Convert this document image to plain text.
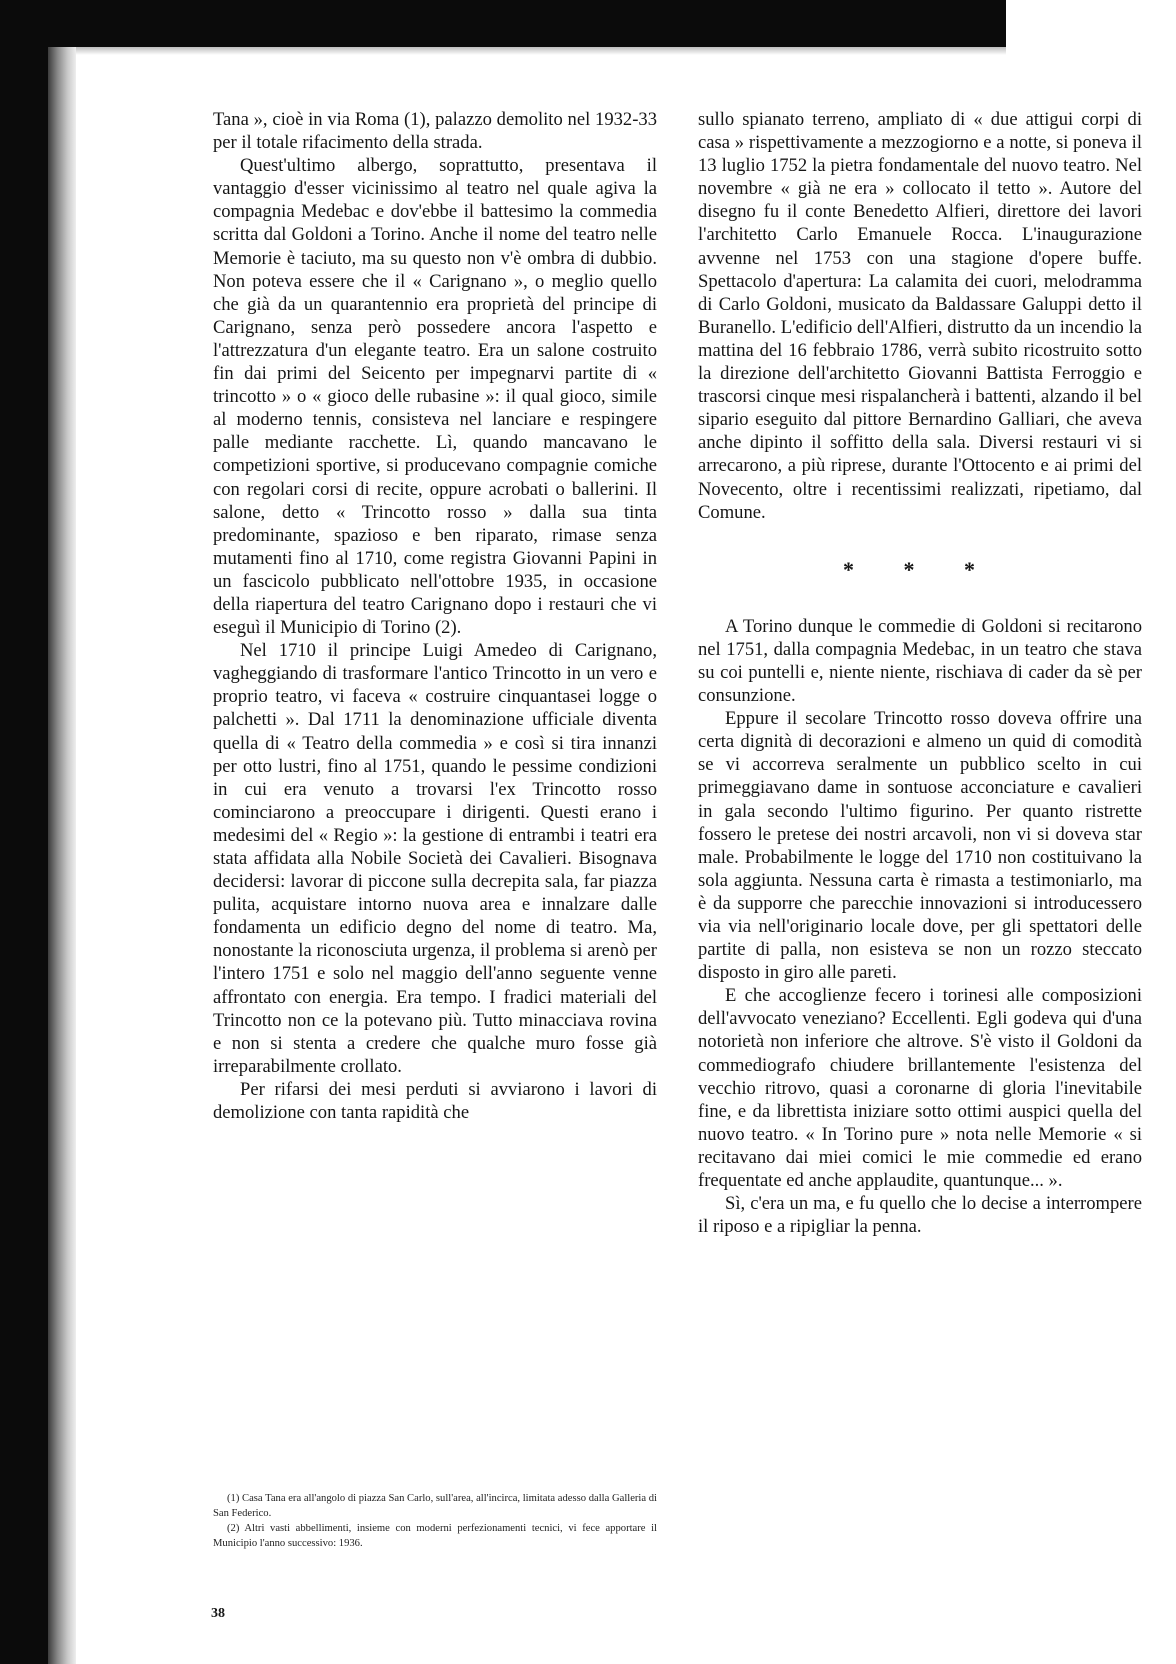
Tana », cioè in via Roma (1), palazzo demolito nel 1932-33 per il totale rifacimento della strada.

Quest'ultimo albergo, soprattutto, presentava il vantaggio d'esser vicinissimo al teatro nel quale agiva la compagnia Medebac e dov'ebbe il battesimo la commedia scritta dal Goldoni a Torino. Anche il nome del teatro nelle Memorie è taciuto, ma su questo non v'è ombra di dubbio. Non poteva essere che il « Carignano », o meglio quello che già da un quarantennio era proprietà del principe di Carignano, senza però possedere ancora l'aspetto e l'attrezzatura d'un elegante teatro. Era un salone costruito fin dai primi del Seicento per impegnarvi partite di « trincotto » o « gioco delle rubasine »: il qual gioco, simile al moderno tennis, consisteva nel lanciare e respingere palle mediante racchette. Lì, quando mancavano le competizioni sportive, si producevano compagnie comiche con regolari corsi di recite, oppure acrobati o ballerini. Il salone, detto « Trincotto rosso » dalla sua tinta predominante, spazioso e ben riparato, rimase senza mutamenti fino al 1710, come registra Giovanni Papini in un fascicolo pubblicato nell'ottobre 1935, in occasione della riapertura del teatro Carignano dopo i restauri che vi eseguì il Municipio di Torino (2).

Nel 1710 il principe Luigi Amedeo di Carignano, vagheggiando di trasformare l'antico Trincotto in un vero e proprio teatro, vi faceva « costruire cinquantasei logge o palchetti ». Dal 1711 la denominazione ufficiale diventa quella di « Teatro della commedia » e così si tira innanzi per otto lustri, fino al 1751, quando le pessime condizioni in cui era venuto a trovarsi l'ex Trincotto rosso cominciarono a preoccupare i dirigenti. Questi erano i medesimi del « Regio »: la gestione di entrambi i teatri era stata affidata alla Nobile Società dei Cavalieri. Bisognava decidersi: lavorar di piccone sulla decrepita sala, far piazza pulita, acquistare intorno nuova area e innalzare dalle fondamenta un edificio degno del nome di teatro. Ma, nonostante la riconosciuta urgenza, il problema si arenò per l'intero 1751 e solo nel maggio dell'anno seguente venne affrontato con energia. Era tempo. I fradici materiali del Trincotto non ce la potevano più. Tutto minacciava rovina e non si stenta a credere che qualche muro fosse già irreparabilmente crollato.

Per rifarsi dei mesi perduti si avviarono i lavori di demolizione con tanta rapidità che

sullo spianato terreno, ampliato di « due attigui corpi di casa » rispettivamente a mezzogiorno e a notte, si poneva il 13 luglio 1752 la pietra fondamentale del nuovo teatro. Nel novembre « già ne era » collocato il tetto ». Autore del disegno fu il conte Benedetto Alfieri, direttore dei lavori l'architetto Carlo Emanuele Rocca. L'inaugurazione avvenne nel 1753 con una stagione d'opere buffe. Spettacolo d'apertura: La calamita dei cuori, melodramma di Carlo Goldoni, musicato da Baldassare Galuppi detto il Buranello. L'edificio dell'Alfieri, distrutto da un incendio la mattina del 16 febbraio 1786, verrà subito ricostruito sotto la direzione dell'architetto Giovanni Battista Ferroggio e trascorsi cinque mesi rispalancherà i battenti, alzando il bel sipario eseguito dal pittore Bernardino Galliari, che aveva anche dipinto il soffitto della sala. Diversi restauri vi si arrecarono, a più riprese, durante l'Ottocento e ai primi del Novecento, oltre i recentissimi realizzati, ripetiamo, dal Comune.

* * *

A Torino dunque le commedie di Goldoni si recitarono nel 1751, dalla compagnia Medebac, in un teatro che stava su coi puntelli e, niente niente, rischiava di cader da sè per consunzione.

Eppure il secolare Trincotto rosso doveva offrire una certa dignità di decorazioni e almeno un quid di comodità se vi accorreva seralmente un pubblico scelto in cui primeggiavano dame in sontuose acconciature e cavalieri in gala secondo l'ultimo figurino. Per quanto ristrette fossero le pretese dei nostri arcavoli, non vi si doveva star male. Probabilmente le logge del 1710 non costituivano la sola aggiunta. Nessuna carta è rimasta a testimoniarlo, ma è da supporre che parecchie innovazioni si introducessero via via nell'originario locale dove, per gli spettatori delle partite di palla, non esisteva se non un rozzo steccato disposto in giro alle pareti.

E che accoglienze fecero i torinesi alle composizioni dell'avvocato veneziano? Eccellenti. Egli godeva qui d'una notorietà non inferiore che altrove. S'è visto il Goldoni da commediografo chiudere brillantemente l'esistenza del vecchio ritrovo, quasi a coronarne di gloria l'inevitabile fine, e da librettista iniziare sotto ottimi auspici quella del nuovo teatro. « In Torino pure » nota nelle Memorie « si recitavano dai miei comici le mie commedie ed erano frequentate ed anche applaudite, quantunque... ».

Sì, c'era un ma, e fu quello che lo decise a interrompere il riposo e a ripigliar la penna.

(1) Casa Tana era all'angolo di piazza San Carlo, sull'area, all'incirca, limitata adesso dalla Galleria di San Federico.

(2) Altri vasti abbellimenti, insieme con moderni perfezionamenti tecnici, vi fece apportare il Municipio l'anno successivo: 1936.

38
